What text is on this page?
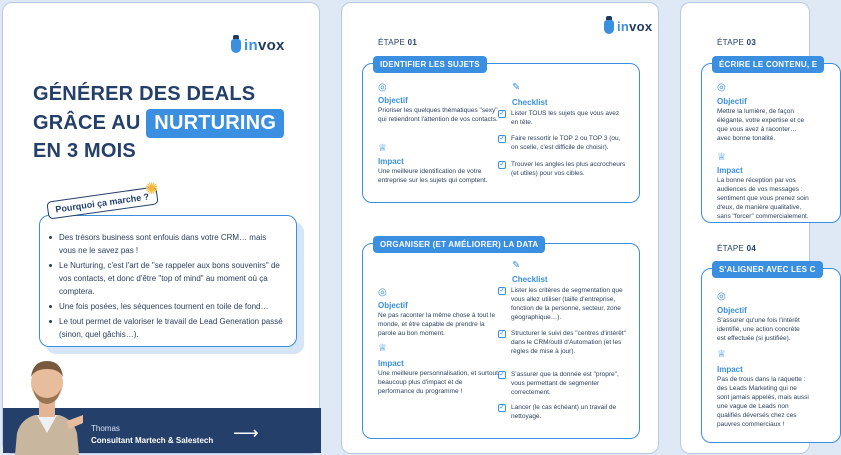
invox
GÉNÉRER DES DEALS
GRÂCE AU NURTURING
EN 3 MOIS
Pourquoi ça marche ?
✺
Des trésors business sont enfouis dans votre CRM… mais vous ne le savez pas !
Le Nurturing, c'est l'art de "se rappeler aux bons souvenirs" de vos contacts, et donc d'être "top of mind" au moment où ça comptera.
Une fois posées, les séquences tournent en toile de fond…
Le tout permet de valoriser le travail de Lead Generation passé (sinon, quel gâchis…).
Thomas
Consultant Martech & Salestech ⟶
invox
ÉTAPE 01
IDENTIFIER LES SUJETS
◎
Objectif
Prioriser les quelques thématiques "sexy" qui retiendront l'attention de vos contacts.
♕
Impact
Une meilleure identification de votre entreprise sur les sujets qui comptent.
✎
Checklist
✓ Lister TOUS les sujets que vous avez en tête.
✓ Faire ressortir le TOP 2 ou TOP 3 (ou, on scelle, c'est difficile de choisir).
✓ Trouver les angles les plus accrocheurs (et utiles) pour vos cibles.
ORGANISER (ET AMÉLIORER) LA DATA
◎
Objectif
Ne pas raconter la même chose à tout le monde, et être capable de prendre la parole au bon moment.
♕
Impact
Une meilleure personnalisation, et surtout beaucoup plus d'impact et de performance du programme !
✎
Checklist
✓ Lister les critères de segmentation que vous allez utiliser (taille d'entreprise, fonction de la personne, secteur, zone géographique…).
✓ Structurer le suivi des "centres d'intérêt" dans le CRM/outil d'Automation (et les règles de mise à jour).
✓ S'assurer que la donnée est "propre", vous permettant de segmenter correctement.
✓ Lancer (le cas échéant) un travail de nettoyage.
ÉTAPE 03
ÉCRIRE LE CONTENU, E
◎
Objectif
Mettre la lumière, de façon élégante, votre expertise et ce que vous avez à raconter… avec bonne tonalité.
♕
Impact
La bonne réception par vos audiences de vos messages : sentiment que vous prenez soin d'eux, de manière qualitative, sans "forcer" commercialement.
ÉTAPE 04
S'ALIGNER AVEC LES C
◎
Objectif
S'assurer qu'une fois l'intérêt identifié, une action concrète est effectuée (si justifiée).
♕
Impact
Pas de trous dans la raquette : des Leads Marketing qui ne sont jamais appelés, mais aussi une vague de Leads non qualifiés déversés chez ces pauvres commerciaux !
